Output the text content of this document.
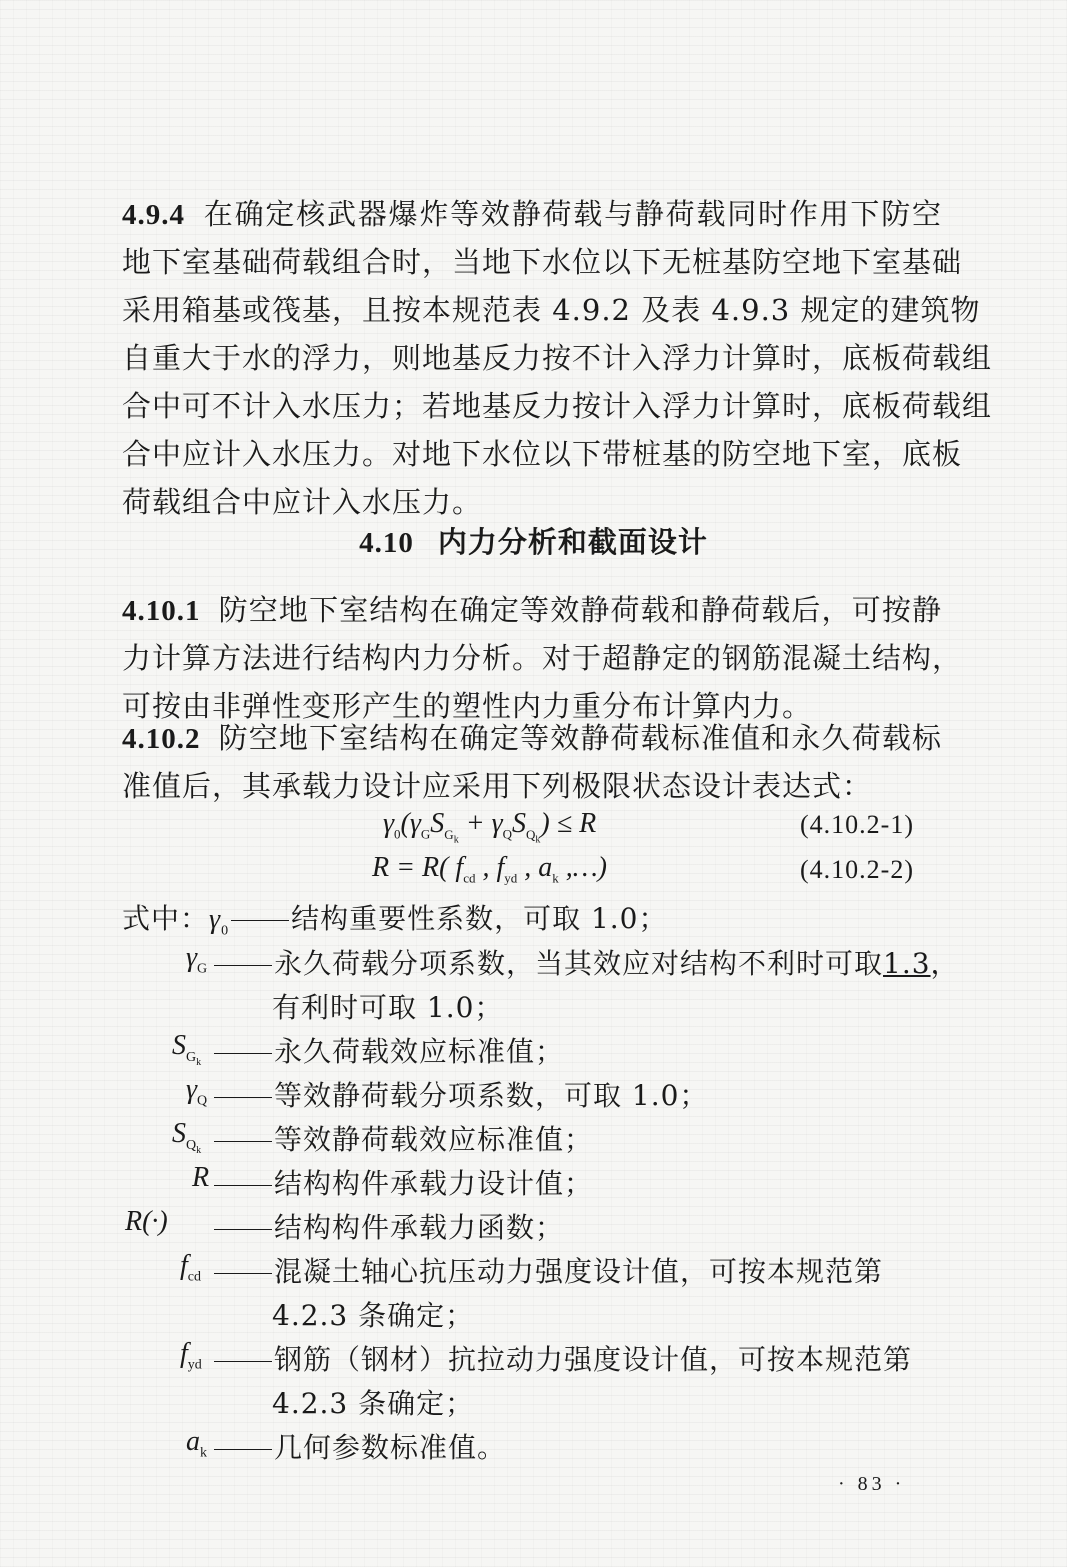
4.9.4 在确定核武器爆炸等效静荷载与静荷载同时作用下防空
地下室基础荷载组合时，当地下水位以下无桩基防空地下室基础
采用箱基或筏基，且按本规范表 4.9.2 及表 4.9.3 规定的建筑物
自重大于水的浮力，则地基反力按不计入浮力计算时，底板荷载组
合中可不计入水压力；若地基反力按计入浮力计算时，底板荷载组
合中应计入水压力。对地下水位以下带桩基的防空地下室，底板
荷载组合中应计入水压力。
4.10 内力分析和截面设计
4.10.1 防空地下室结构在确定等效静荷载和静荷载后，可按静
力计算方法进行结构内力分析。对于超静定的钢筋混凝土结构，
可按由非弹性变形产生的塑性内力重分布计算内力。
4.10.2 防空地下室结构在确定等效静荷载标准值和永久荷载标
准值后，其承载力设计应采用下列极限状态设计表达式：
$\gamma_0(\gamma_GS_{G_k} + \gamma_QS_{Q_k}) \le R$	(4.10.2-1)
R = R( $f_{cd}$ , $f_{yd}$ , $a_k$ ,…)	(4.10.2-2)
式中：$\gamma_0$ 结构重要性系数，可取 1.0；
$\gamma_G$	永久荷载分项系数，当其效应对结构不利时可取1.3，
有利时可取 1.0；
$S_{G_k}$	永久荷载效应标准值；
$\gamma_Q$	等效静荷载分项系数，可取 1.0；
$S_{Q_k}$	等效静荷载效应标准值；
R	结构构件承载力设计值；
R(·)	结构构件承载力函数；
$f_{cd}$	混凝土轴心抗压动力强度设计值，可按本规范第
4.2.3 条确定；
$f_{yd}$	钢筋（钢材）抗拉动力强度设计值，可按本规范第
4.2.3 条确定；
$a_k$	几何参数标准值。
· 83 ·
